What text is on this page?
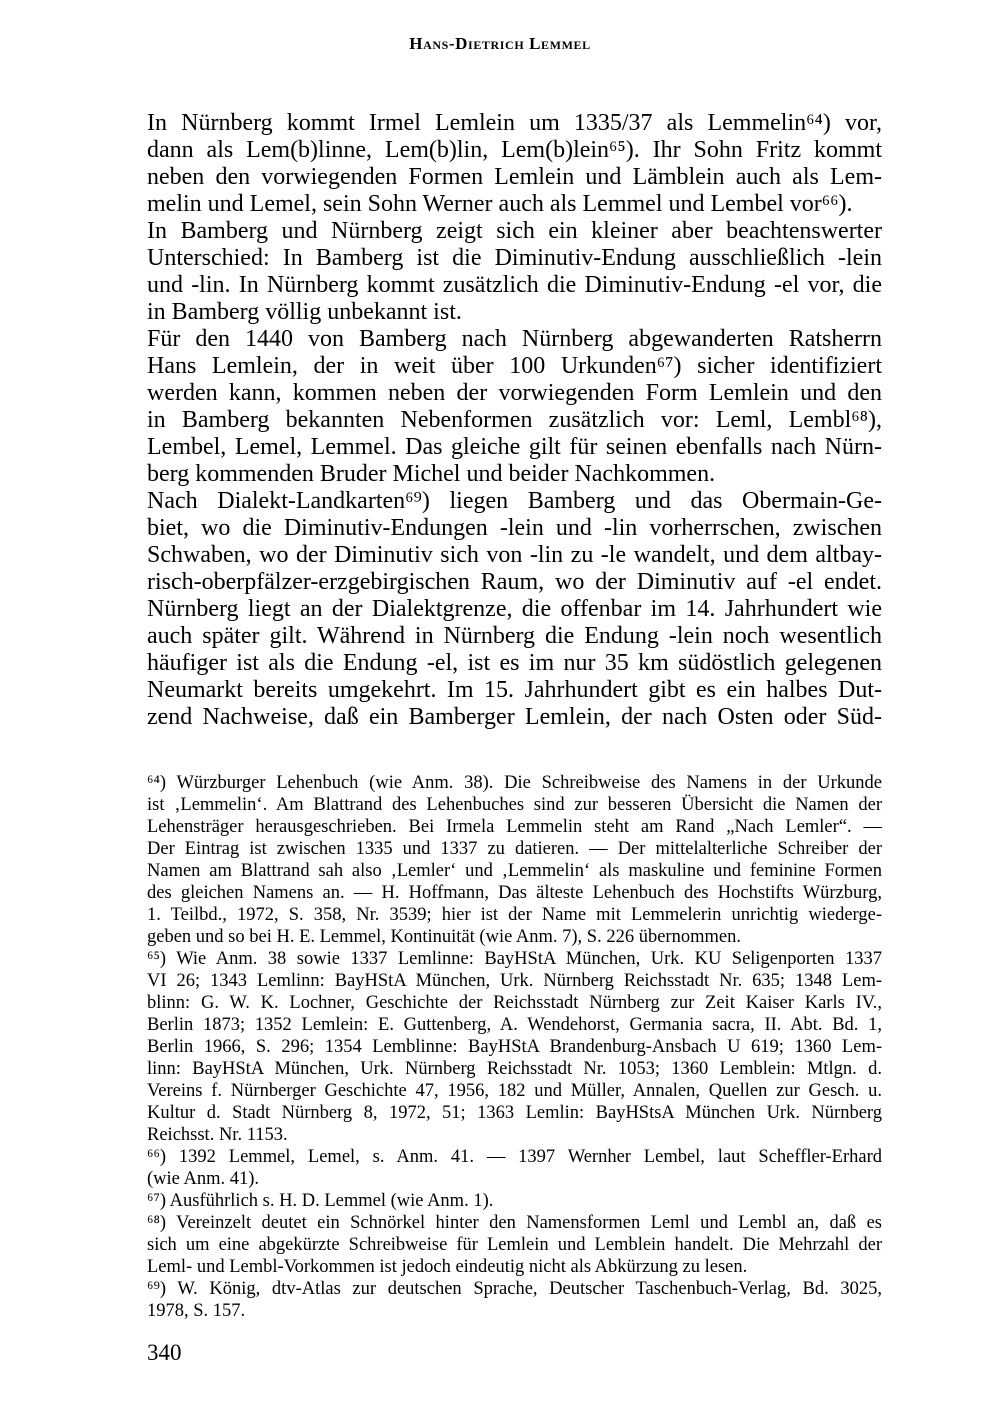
Hans-Dietrich Lemmel
In Nürnberg kommt Irmel Lemlein um 1335/37 als Lemmelin⁶⁴) vor,
dann als Lem(b)linne, Lem(b)lin, Lem(b)lein⁶⁵). Ihr Sohn Fritz kommt
neben den vorwiegenden Formen Lemlein und Lämblein auch als Lem-
melin und Lemel, sein Sohn Werner auch als Lemmel und Lembel vor⁶⁶).
In Bamberg und Nürnberg zeigt sich ein kleiner aber beachtenswerter
Unterschied: In Bamberg ist die Diminutiv-Endung ausschließlich -lein
und -lin. In Nürnberg kommt zusätzlich die Diminutiv-Endung -el vor, die
in Bamberg völlig unbekannt ist.
Für den 1440 von Bamberg nach Nürnberg abgewanderten Ratsherrn
Hans Lemlein, der in weit über 100 Urkunden⁶⁷) sicher identifiziert
werden kann, kommen neben der vorwiegenden Form Lemlein und den
in Bamberg bekannten Nebenformen zusätzlich vor: Leml, Lembl⁶⁸),
Lembel, Lemel, Lemmel. Das gleiche gilt für seinen ebenfalls nach Nürn-
berg kommenden Bruder Michel und beider Nachkommen.
Nach Dialekt-Landkarten⁶⁹) liegen Bamberg und das Obermain-Ge-
biet, wo die Diminutiv-Endungen -lein und -lin vorherrschen, zwischen
Schwaben, wo der Diminutiv sich von -lin zu -le wandelt, und dem altbay-
risch-oberpfälzer-erzgebirgischen Raum, wo der Diminutiv auf -el endet.
Nürnberg liegt an der Dialektgrenze, die offenbar im 14. Jahrhundert wie
auch später gilt. Während in Nürnberg die Endung -lein noch wesentlich
häufiger ist als die Endung -el, ist es im nur 35 km südöstlich gelegenen
Neumarkt bereits umgekehrt. Im 15. Jahrhundert gibt es ein halbes Dut-
zend Nachweise, daß ein Bamberger Lemlein, der nach Osten oder Süd-
⁶⁴) Würzburger Lehenbuch (wie Anm. 38). Die Schreibweise des Namens in der Urkunde
ist ‚Lemmelin‘. Am Blattrand des Lehenbuches sind zur besseren Übersicht die Namen der
Lehensträger herausgeschrieben. Bei Irmela Lemmelin steht am Rand „Nach Lemler“. —
Der Eintrag ist zwischen 1335 und 1337 zu datieren. — Der mittelalterliche Schreiber der
Namen am Blattrand sah also ‚Lemler‘ und ‚Lemmelin‘ als maskuline und feminine Formen
des gleichen Namens an. — H. Hoffmann, Das älteste Lehenbuch des Hochstifts Würzburg,
1. Teilbd., 1972, S. 358, Nr. 3539; hier ist der Name mit Lemmelerin unrichtig wiederge-
geben und so bei H. E. Lemmel, Kontinuität (wie Anm. 7), S. 226 übernommen.
⁶⁵) Wie Anm. 38 sowie 1337 Lemlinne: BayHStA München, Urk. KU Seligenporten 1337
VI 26; 1343 Lemlinn: BayHStA München, Urk. Nürnberg Reichsstadt Nr. 635; 1348 Lem-
blinn: G. W. K. Lochner, Geschichte der Reichsstadt Nürnberg zur Zeit Kaiser Karls IV.,
Berlin 1873; 1352 Lemlein: E. Guttenberg, A. Wendehorst, Germania sacra, II. Abt. Bd. 1,
Berlin 1966, S. 296; 1354 Lemblinne: BayHStA Brandenburg-Ansbach U 619; 1360 Lem-
linn: BayHStA München, Urk. Nürnberg Reichsstadt Nr. 1053; 1360 Lemblein: Mtlgn. d.
Vereins f. Nürnberger Geschichte 47, 1956, 182 und Müller, Annalen, Quellen zur Gesch. u.
Kultur d. Stadt Nürnberg 8, 1972, 51; 1363 Lemlin: BayHStsA München Urk. Nürnberg
Reichsst. Nr. 1153.
⁶⁶) 1392 Lemmel, Lemel, s. Anm. 41. — 1397 Wernher Lembel, laut Scheffler-Erhard
(wie Anm. 41).
⁶⁷) Ausführlich s. H. D. Lemmel (wie Anm. 1).
⁶⁸) Vereinzelt deutet ein Schnörkel hinter den Namensformen Leml und Lembl an, daß es
sich um eine abgekürzte Schreibweise für Lemlein und Lemblein handelt. Die Mehrzahl der
Leml- und Lembl-Vorkommen ist jedoch eindeutig nicht als Abkürzung zu lesen.
⁶⁹) W. König, dtv-Atlas zur deutschen Sprache, Deutscher Taschenbuch-Verlag, Bd. 3025,
1978, S. 157.
340
